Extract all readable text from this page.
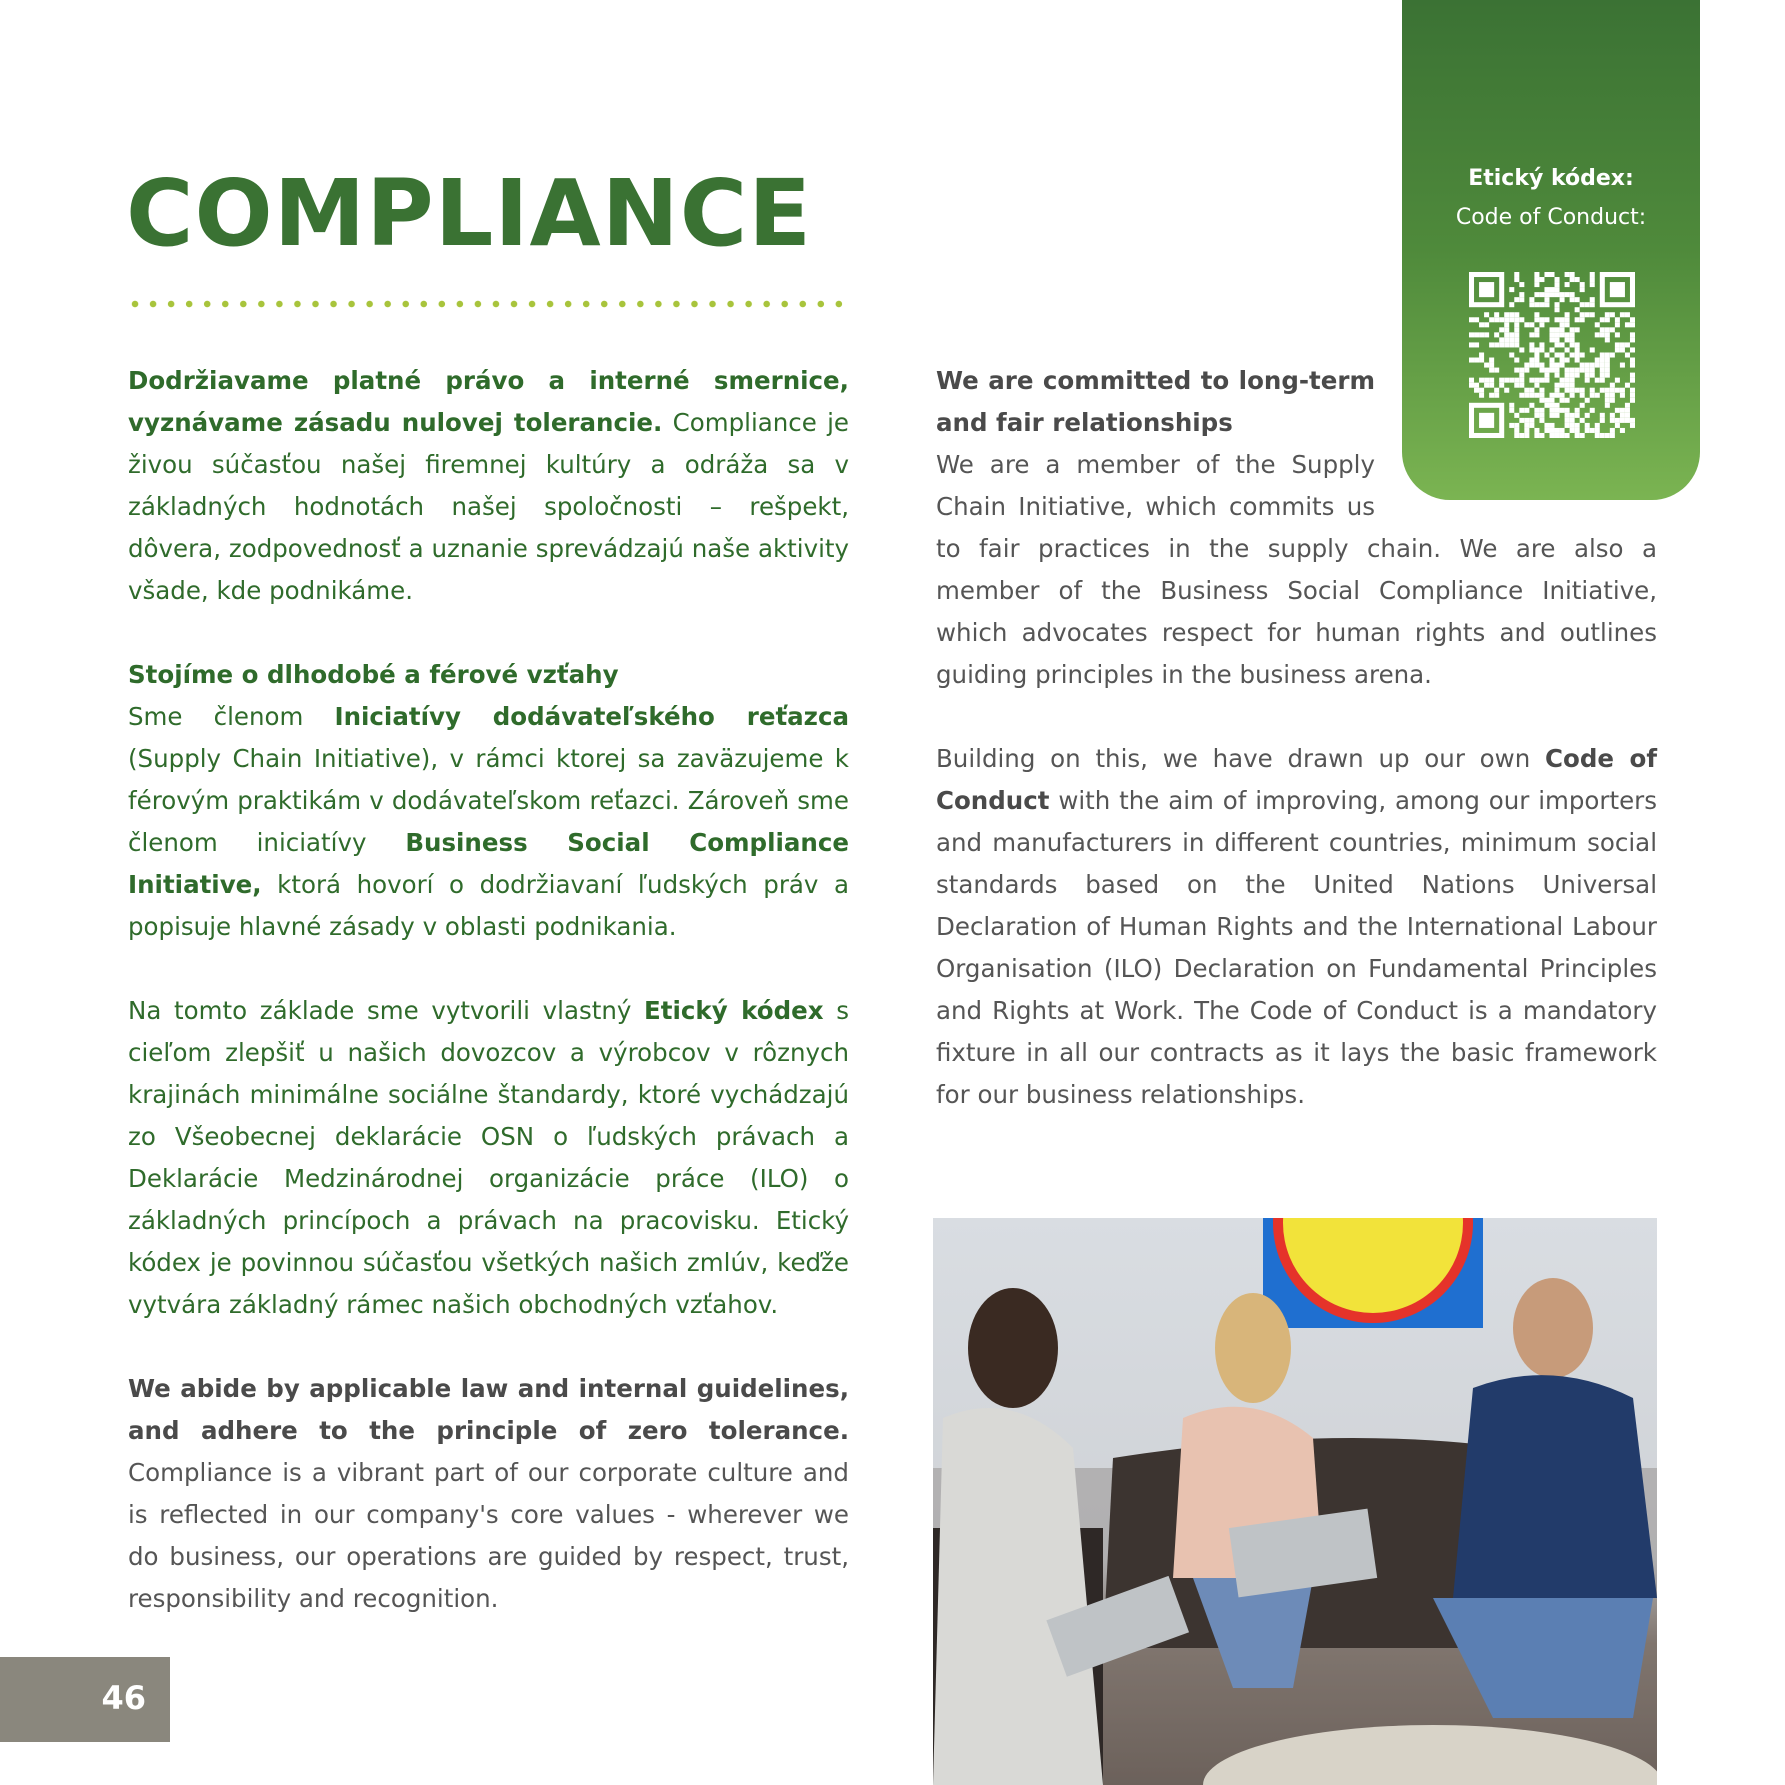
COMPLIANCE

Dodržiavame platné právo a interné smernice, vyznávame zásadu nulovej tolerancie. Compliance je živou súčasťou našej firemnej kultúry a odráža sa v základných hodnotách našej spoločnosti – rešpekt, dôvera, zodpovednosť a uznanie sprevádzajú naše aktivity všade, kde podnikáme.

Stojíme o dlhodobé a férové vzťahy
Sme členom Iniciatívy dodávateľského reťazca (Supply Chain Initiative), v rámci ktorej sa zaväzujeme k férovým praktikám v dodávateľskom reťazci. Zároveň sme členom iniciatívy Business Social Compliance Initiative, ktorá hovorí o dodržiavaní ľudských práv a popisuje hlavné zásady v oblasti podnikania.

Na tomto základe sme vytvorili vlastný Etický kódex s cieľom zlepšiť u našich dovozcov a výrobcov v rôznych krajinách minimálne sociálne štandardy, ktoré vychádzajú zo Všeobecnej deklarácie OSN o ľudských právach a Deklarácie Medzinárodnej organizácie práce (ILO) o základných princípoch a právach na pracovisku. Etický kódex je povinnou súčasťou všetkých našich zmlúv, keďže vytvára základný rámec našich obchodných vzťahov.

We abide by applicable law and internal guidelines, and adhere to the principle of zero tolerance. Compliance is a vibrant part of our corporate culture and is reflected in our company's core values - wherever we do business, our operations are guided by respect, trust, responsibility and recognition.

We are committed to long-term and fair relationships
We are a member of the Supply Chain Initiative, which commits us to fair practices in the supply chain. We are also a member of the Business Social Compliance Initiative, which advocates respect for human rights and outlines guiding principles in the business arena.

Building on this, we have drawn up our own Code of Conduct with the aim of improving, among our importers and manufacturers in different countries, minimum social standards based on the United Nations Universal Declaration of Human Rights and the International Labour Organisation (ILO) Declaration on Fundamental Principles and Rights at Work. The Code of Conduct is a mandatory fixture in all our contracts as it lays the basic framework for our business relationships.

Etický kódex:
Code of Conduct:
46
